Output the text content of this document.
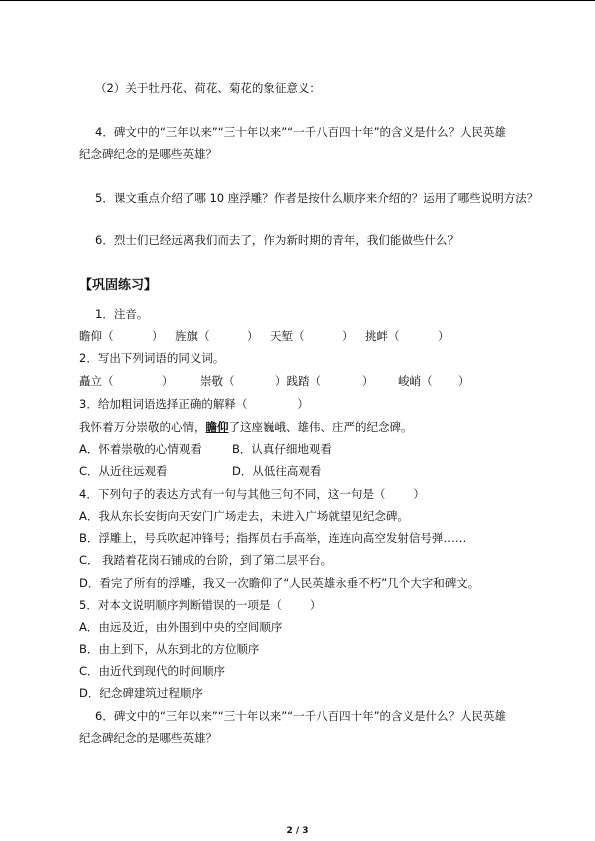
（2）关于牡丹花、荷花、菊花的象征意义：
4．碑文中的“三年以来”“三十年以来”“一千八百四十年”的含义是什么？人民英雄
纪念碑纪念的是哪些英雄？
5．课文重点介绍了哪 10 座浮雕？作者是按什么顺序来介绍的？运用了哪些说明方法？
6．烈士们已经远离我们而去了，作为新时期的青年，我们能做些什么？
【巩固练习】
1．注音。
瞻仰（	） 旌旗（	） 天堑（	） 挑衅（	）
2．写出下列词语的同义词。
矗立（	） 崇敬（	）践踏（	） 峻峭（ ）
3．给加粗词语选择正确的解释（	）
我怀着万分崇敬的心情，瞻仰了这座巍峨、雄伟、庄严的纪念碑。
A．怀着崇敬的心情观看	B．认真仔细地观看
C．从近往远观看	D．从低往高观看
4．下列句子的表达方式有一句与其他三句不同，这一句是（ ）
A．我从东长安街向天安门广场走去，未进入广场就望见纪念碑。
B．浮雕上，号兵吹起冲锋号；指挥员右手高举，连连向高空发射信号弹……
C． 我踏着花岗石铺成的台阶，到了第二层平台。
D．看完了所有的浮雕，我又一次瞻仰了“人民英雄永垂不朽”几个大字和碑文。
5．对本文说明顺序判断错误的一项是（ ）
A．由远及近，由外围到中央的空间顺序
B．由上到下，从东到北的方位顺序
C．由近代到现代的时间顺序
D．纪念碑建筑过程顺序
6．碑文中的“三年以来”“三十年以来”“一千八百四十年”的含义是什么？人民英雄
纪念碑纪念的是哪些英雄？
2 / 3
